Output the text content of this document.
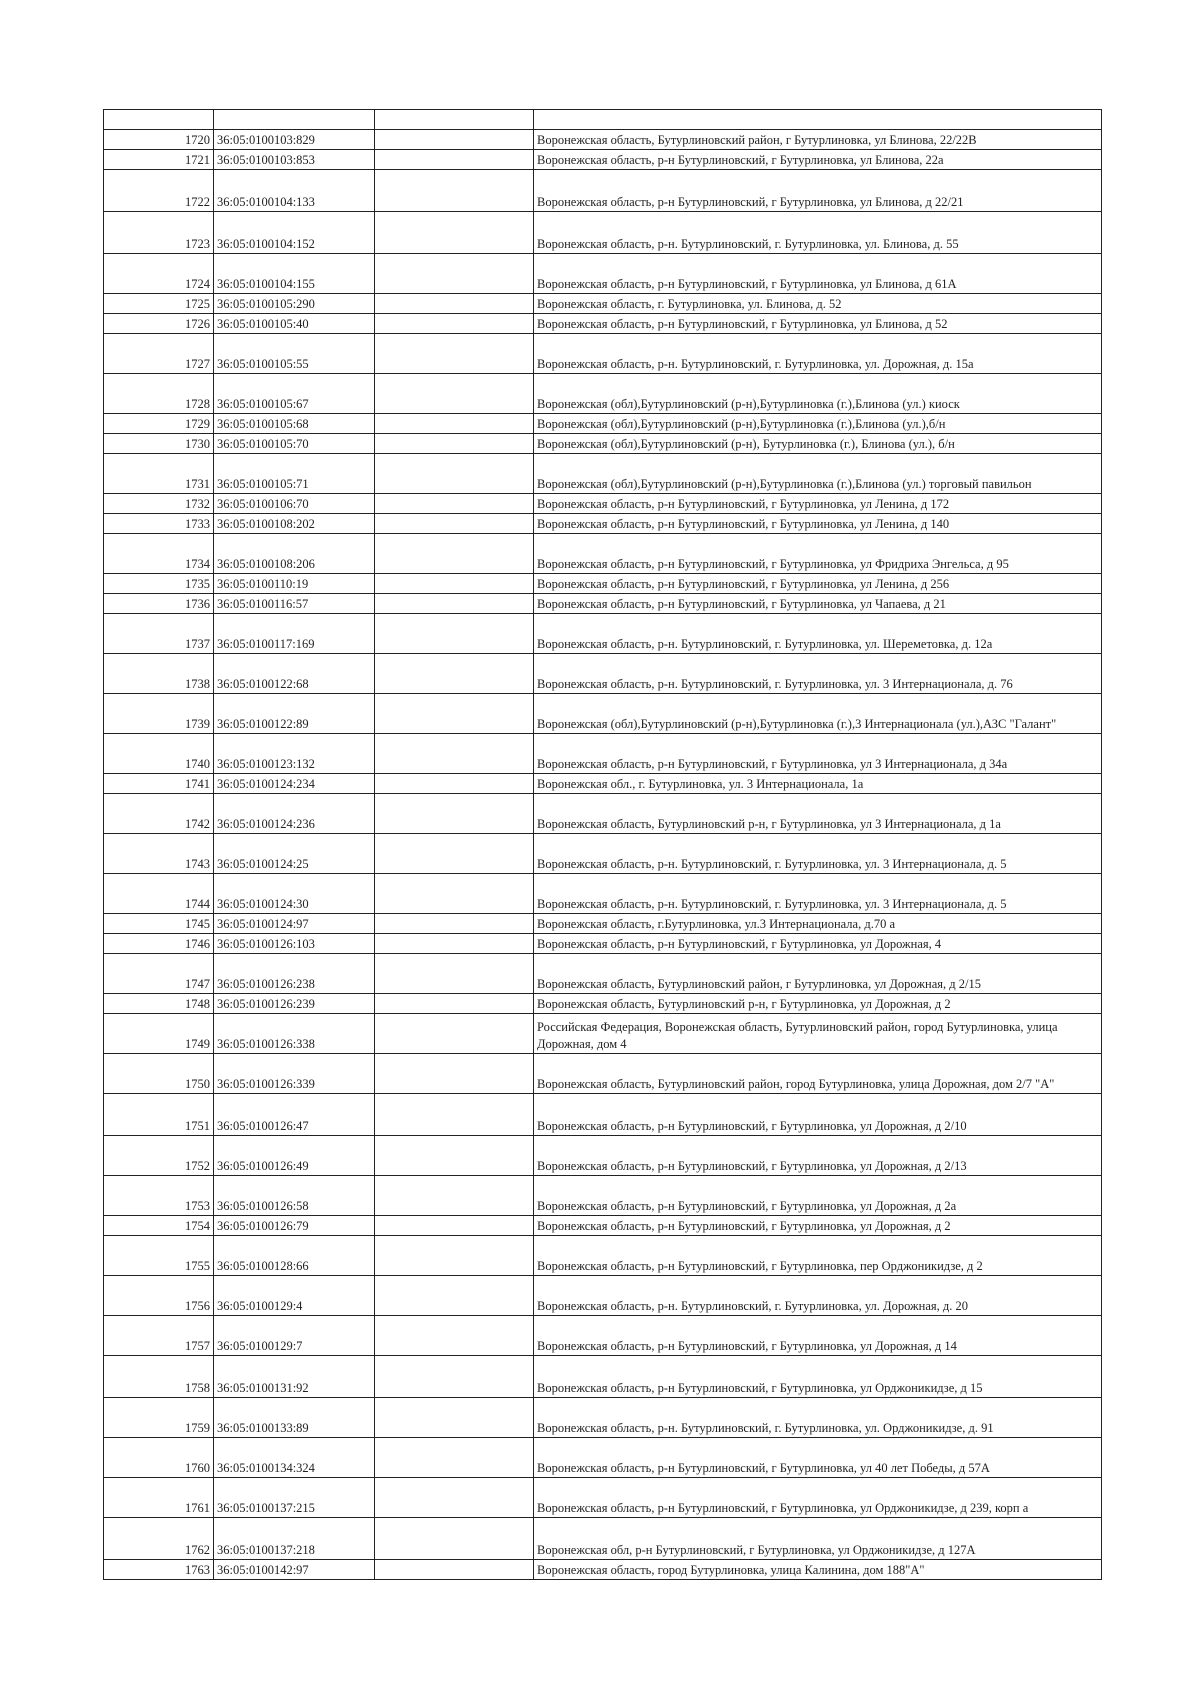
1720	36:05:0100103:829		Воронежская область, Бутурлиновский район, г Бутурлиновка, ул Блинова, 22/22В
1721	36:05:0100103:853		Воронежская область, р-н Бутурлиновский, г Бутурлиновка, ул Блинова, 22а
1722	36:05:0100104:133		Воронежская область, р-н Бутурлиновский, г Бутурлиновка, ул Блинова, д 22/21
1723	36:05:0100104:152		Воронежская область, р-н. Бутурлиновский, г. Бутурлиновка, ул. Блинова, д. 55
1724	36:05:0100104:155		Воронежская область, р-н Бутурлиновский, г Бутурлиновка, ул Блинова, д 61А
1725	36:05:0100105:290		Воронежская область, г. Бутурлиновка, ул. Блинова, д. 52
1726	36:05:0100105:40		Воронежская область, р-н Бутурлиновский, г Бутурлиновка, ул Блинова, д 52
1727	36:05:0100105:55		Воронежская область, р-н. Бутурлиновский, г. Бутурлиновка, ул. Дорожная, д. 15а
1728	36:05:0100105:67		Воронежская (обл),Бутурлиновский (р-н),Бутурлиновка (г.),Блинова (ул.) киоск
1729	36:05:0100105:68		Воронежская (обл),Бутурлиновский (р-н),Бутурлиновка (г.),Блинова (ул.),б/н
1730	36:05:0100105:70		Воронежская (обл),Бутурлиновский (р-н), Бутурлиновка (г.), Блинова (ул.), б/н
1731	36:05:0100105:71		Воронежская (обл),Бутурлиновский (р-н),Бутурлиновка (г.),Блинова (ул.) торговый павильон
1732	36:05:0100106:70		Воронежская область, р-н Бутурлиновский, г Бутурлиновка, ул Ленина, д 172
1733	36:05:0100108:202		Воронежская область, р-н Бутурлиновский, г Бутурлиновка, ул Ленина, д 140
1734	36:05:0100108:206		Воронежская область, р-н Бутурлиновский, г Бутурлиновка, ул Фридриха Энгельса, д 95
1735	36:05:0100110:19		Воронежская область, р-н Бутурлиновский, г Бутурлиновка, ул Ленина, д 256
1736	36:05:0100116:57		Воронежская область, р-н Бутурлиновский, г Бутурлиновка, ул Чапаева, д 21
1737	36:05:0100117:169		Воронежская область, р-н. Бутурлиновский, г. Бутурлиновка, ул. Шереметовка, д. 12а
1738	36:05:0100122:68		Воронежская область, р-н. Бутурлиновский, г. Бутурлиновка, ул. 3 Интернационала, д. 76
1739	36:05:0100122:89		Воронежская (обл),Бутурлиновский (р-н),Бутурлиновка (г.),3 Интернационала (ул.),АЗС "Галант"
1740	36:05:0100123:132		Воронежская область, р-н Бутурлиновский, г Бутурлиновка, ул 3 Интернационала, д 34а
1741	36:05:0100124:234		Воронежская обл., г. Бутурлиновка, ул. 3 Интернационала, 1а
1742	36:05:0100124:236		Воронежская область, Бутурлиновский р-н, г Бутурлиновка, ул 3 Интернационала, д 1а
1743	36:05:0100124:25		Воронежская область, р-н. Бутурлиновский, г. Бутурлиновка, ул. 3 Интернационала, д. 5
1744	36:05:0100124:30		Воронежская область, р-н. Бутурлиновский, г. Бутурлиновка, ул. 3 Интернационала, д. 5
1745	36:05:0100124:97		Воронежская область, г.Бутурлиновка, ул.3 Интернационала, д.70 а
1746	36:05:0100126:103		Воронежская область, р-н Бутурлиновский, г Бутурлиновка, ул Дорожная, 4
1747	36:05:0100126:238		Воронежская область, Бутурлиновский район, г Бутурлиновка, ул Дорожная, д 2/15
1748	36:05:0100126:239		Воронежская область, Бутурлиновский р-н, г Бутурлиновка, ул Дорожная, д 2
1749	36:05:0100126:338		Российская Федерация, Воронежская область, Бутурлиновский район, город Бутурлиновка, улица Дорожная, дом 4
1750	36:05:0100126:339		Воронежская область, Бутурлиновский район, город Бутурлиновка, улица Дорожная, дом 2/7 "А"
1751	36:05:0100126:47		Воронежская область, р-н Бутурлиновский, г Бутурлиновка, ул Дорожная, д 2/10
1752	36:05:0100126:49		Воронежская область, р-н Бутурлиновский, г Бутурлиновка, ул Дорожная, д 2/13
1753	36:05:0100126:58		Воронежская область, р-н Бутурлиновский, г Бутурлиновка, ул Дорожная, д 2а
1754	36:05:0100126:79		Воронежская область, р-н Бутурлиновский, г Бутурлиновка, ул Дорожная, д 2
1755	36:05:0100128:66		Воронежская область, р-н Бутурлиновский, г Бутурлиновка, пер Орджоникидзе, д 2
1756	36:05:0100129:4		Воронежская область, р-н. Бутурлиновский, г. Бутурлиновка, ул. Дорожная, д. 20
1757	36:05:0100129:7		Воронежская область, р-н Бутурлиновский, г Бутурлиновка, ул Дорожная, д 14
1758	36:05:0100131:92		Воронежская область, р-н Бутурлиновский, г Бутурлиновка, ул Орджоникидзе, д 15
1759	36:05:0100133:89		Воронежская область, р-н. Бутурлиновский, г. Бутурлиновка, ул. Орджоникидзе, д. 91
1760	36:05:0100134:324		Воронежская область, р-н Бутурлиновский, г Бутурлиновка, ул 40 лет Победы, д 57А
1761	36:05:0100137:215		Воронежская область, р-н Бутурлиновский, г Бутурлиновка, ул Орджоникидзе, д 239, корп а
1762	36:05:0100137:218		Воронежская обл, р-н Бутурлиновский, г Бутурлиновка, ул Орджоникидзе, д 127А
1763	36:05:0100142:97		Воронежская область, город Бутурлиновка, улица Калинина, дом 188"А"
